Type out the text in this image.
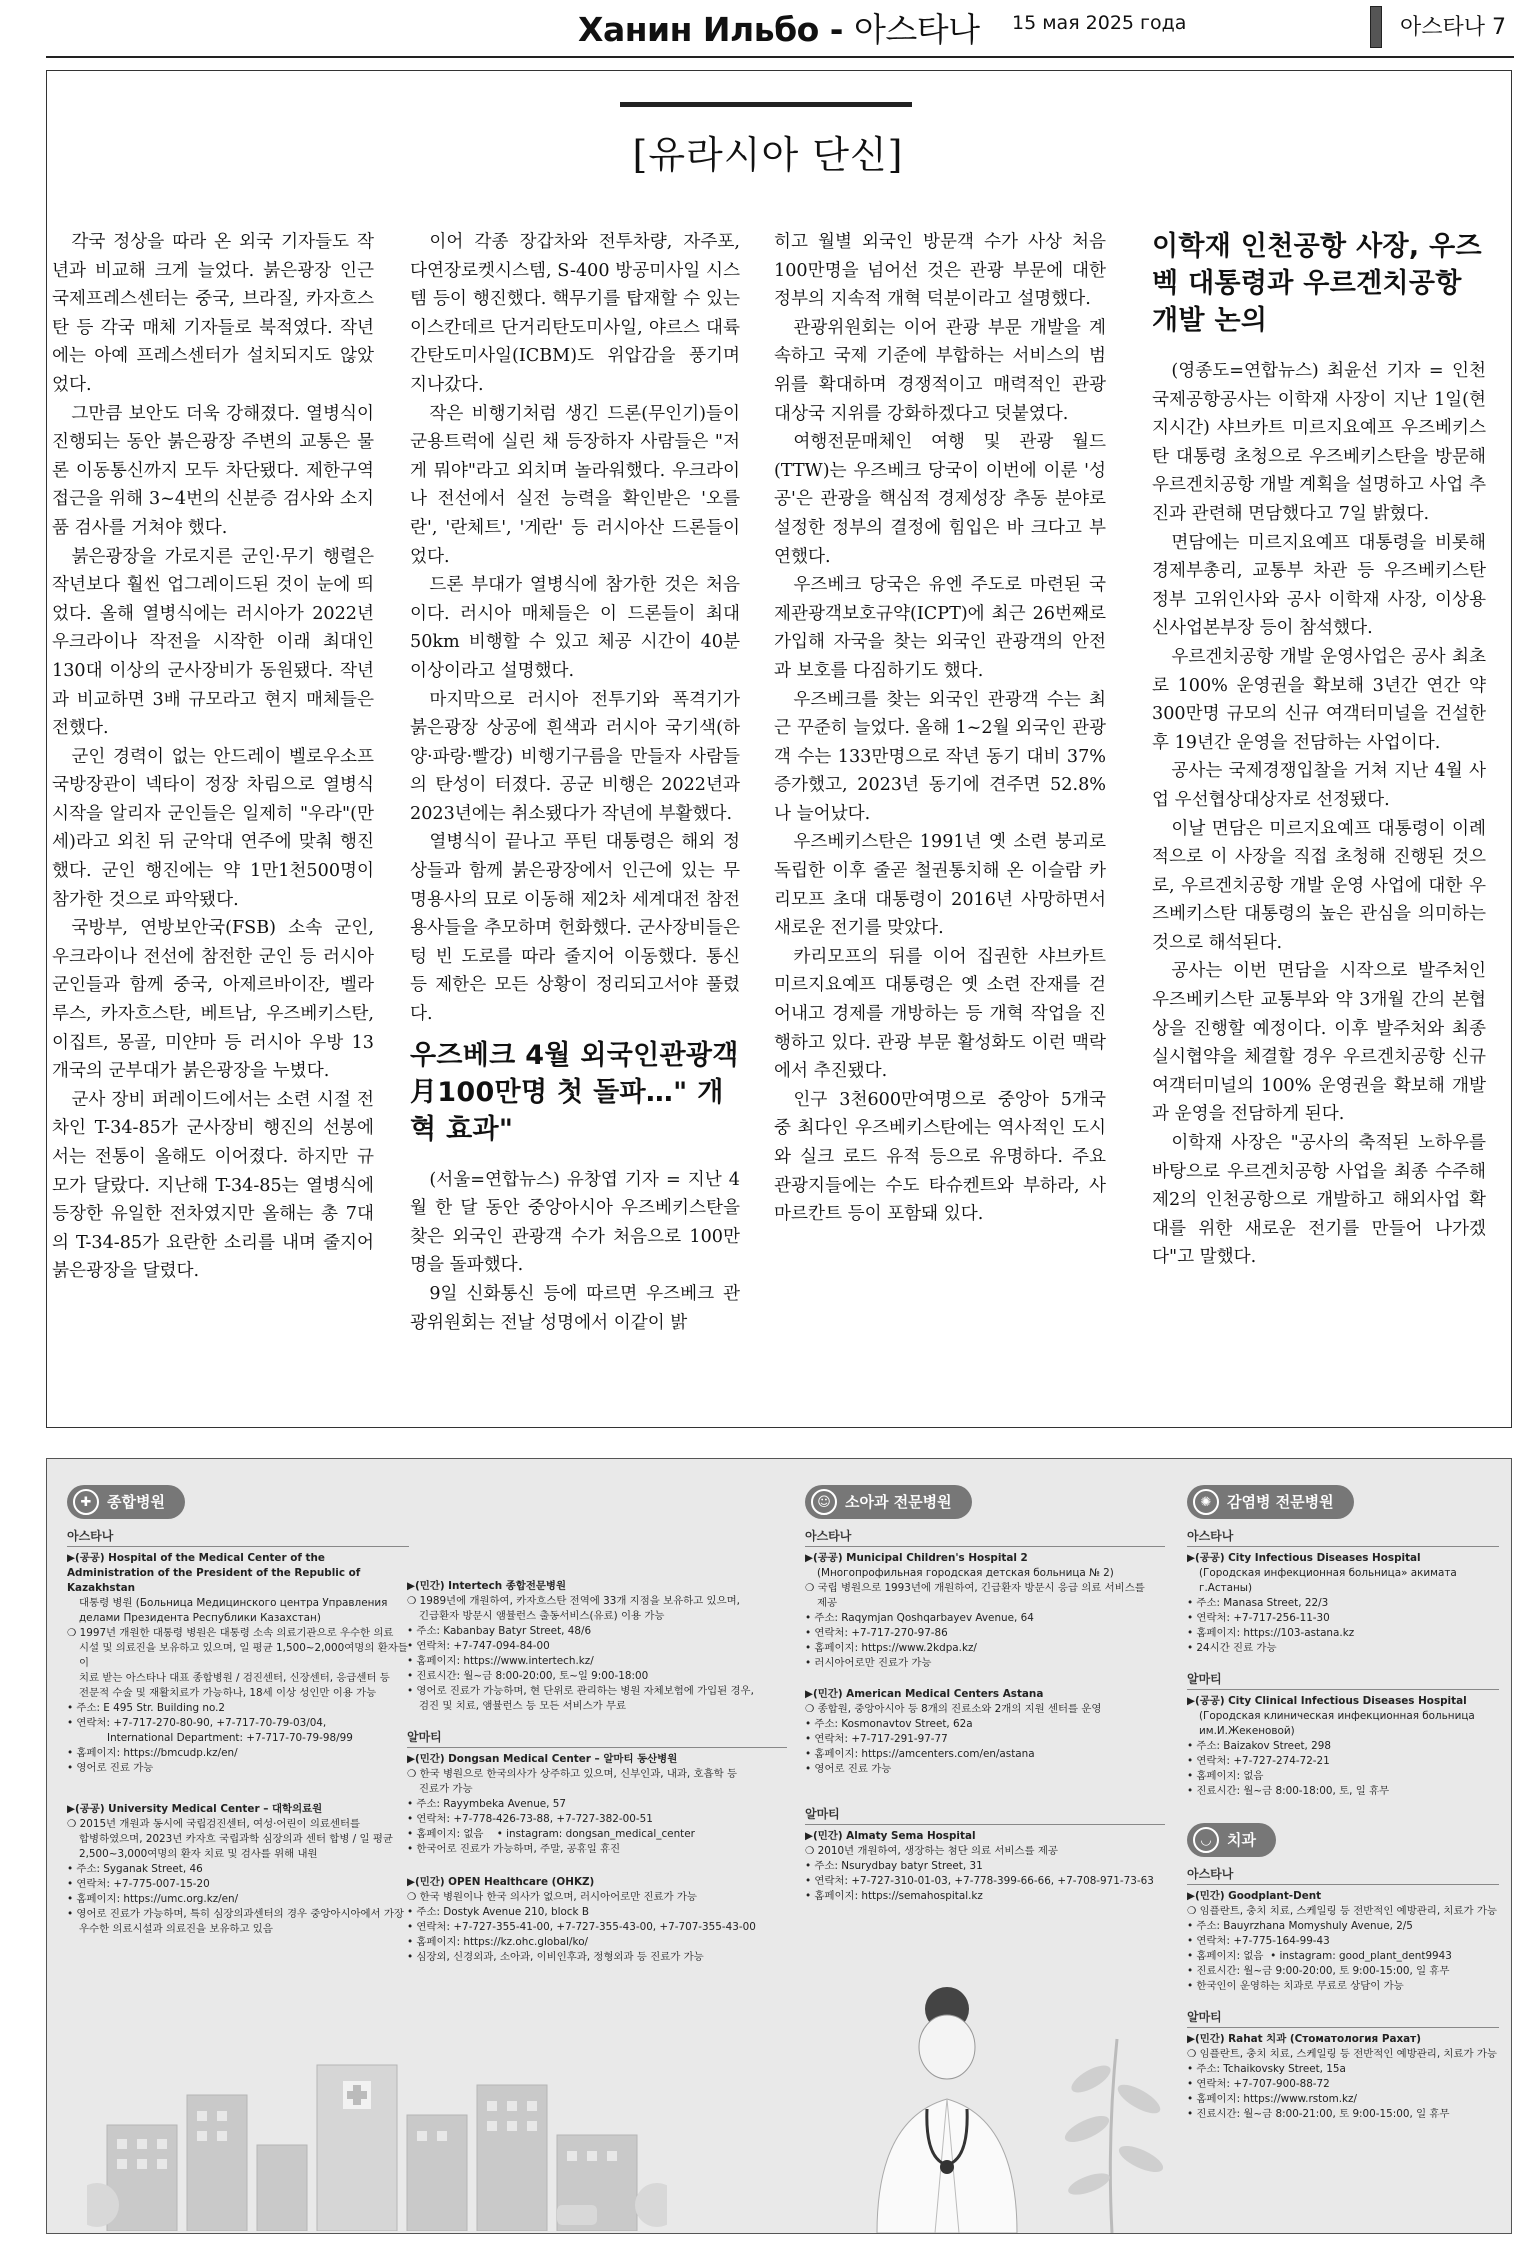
Ханин Ильбо - 아스타나 15 мая 2025 года	아스타나 7
[유라시아 단신]

각국 정상을 따라 온 외국 기자들도 작년과 비교해 크게 늘었다. 붉은광장 인근 국제프레스센터는 중국, 브라질, 카자흐스탄 등 각국 매체 기자들로 북적였다. 작년에는 아예 프레스센터가 설치되지도 않았었다.

그만큼 보안도 더욱 강해졌다. 열병식이 진행되는 동안 붉은광장 주변의 교통은 물론 이동통신까지 모두 차단됐다. 제한구역 접근을 위해 3~4번의 신분증 검사와 소지품 검사를 거쳐야 했다.

붉은광장을 가로지른 군인·무기 행렬은 작년보다 훨씬 업그레이드된 것이 눈에 띄었다. 올해 열병식에는 러시아가 2022년 우크라이나 작전을 시작한 이래 최대인 130대 이상의 군사장비가 동원됐다. 작년과 비교하면 3배 규모라고 현지 매체들은 전했다.

군인 경력이 없는 안드레이 벨로우소프 국방장관이 넥타이 정장 차림으로 열병식 시작을 알리자 군인들은 일제히 "우라"(만세)라고 외친 뒤 군악대 연주에 맞춰 행진했다. 군인 행진에는 약 1만1천500명이 참가한 것으로 파악됐다.

국방부, 연방보안국(FSB) 소속 군인, 우크라이나 전선에 참전한 군인 등 러시아 군인들과 함께 중국, 아제르바이잔, 벨라루스, 카자흐스탄, 베트남, 우즈베키스탄, 이집트, 몽골, 미얀마 등 러시아 우방 13개국의 군부대가 붉은광장을 누볐다.

군사 장비 퍼레이드에서는 소련 시절 전차인 T-34-85가 군사장비 행진의 선봉에 서는 전통이 올해도 이어졌다. 하지만 규모가 달랐다. 지난해 T-34-85는 열병식에 등장한 유일한 전차였지만 올해는 총 7대의 T-34-85가 요란한 소리를 내며 줄지어 붉은광장을 달렸다.

이어 각종 장갑차와 전투차량, 자주포, 다연장로켓시스템, S-400 방공미사일 시스템 등이 행진했다. 핵무기를 탑재할 수 있는 이스칸데르 단거리탄도미사일, 야르스 대륙간탄도미사일(ICBM)도 위압감을 풍기며 지나갔다.

작은 비행기처럼 생긴 드론(무인기)들이 군용트럭에 실린 채 등장하자 사람들은 "저게 뭐야"라고 외치며 놀라워했다. 우크라이나 전선에서 실전 능력을 확인받은 '오를란', '란체트', '게란' 등 러시아산 드론들이었다.

드론 부대가 열병식에 참가한 것은 처음이다. 러시아 매체들은 이 드론들이 최대 50km 비행할 수 있고 체공 시간이 40분 이상이라고 설명했다.

마지막으로 러시아 전투기와 폭격기가 붉은광장 상공에 흰색과 러시아 국기색(하양·파랑·빨강) 비행기구름을 만들자 사람들의 탄성이 터졌다. 공군 비행은 2022년과 2023년에는 취소됐다가 작년에 부활했다.

열병식이 끝나고 푸틴 대통령은 해외 정상들과 함께 붉은광장에서 인근에 있는 무명용사의 묘로 이동해 제2차 세계대전 참전 용사들을 추모하며 헌화했다. 군사장비들은 텅 빈 도로를 따라 줄지어 이동했다. 통신 등 제한은 모든 상황이 정리되고서야 풀렸다.

우즈베크 4월 외국인관광객 月100만명 첫 돌파…" 개혁 효과"

(서울=연합뉴스) 유창엽 기자 = 지난 4월 한 달 동안 중앙아시아 우즈베키스탄을 찾은 외국인 관광객 수가 처음으로 100만명을 돌파했다.

9일 신화통신 등에 따르면 우즈베크 관광위원회는 전날 성명에서 이같이 밝

히고 월별 외국인 방문객 수가 사상 처음 100만명을 넘어선 것은 관광 부문에 대한 정부의 지속적 개혁 덕분이라고 설명했다.

관광위원회는 이어 관광 부문 개발을 계속하고 국제 기준에 부합하는 서비스의 범위를 확대하며 경쟁적이고 매력적인 관광 대상국 지위를 강화하겠다고 덧붙였다.

여행전문매체인 여행 및 관광 월드(TTW)는 우즈베크 당국이 이번에 이룬 '성공'은 관광을 핵심적 경제성장 추동 분야로 설정한 정부의 결정에 힘입은 바 크다고 부연했다.

우즈베크 당국은 유엔 주도로 마련된 국제관광객보호규약(ICPT)에 최근 26번째로 가입해 자국을 찾는 외국인 관광객의 안전과 보호를 다짐하기도 했다.

우즈베크를 찾는 외국인 관광객 수는 최근 꾸준히 늘었다. 올해 1~2월 외국인 관광객 수는 133만명으로 작년 동기 대비 37% 증가했고, 2023년 동기에 견주면 52.8%나 늘어났다.

우즈베키스탄은 1991년 옛 소련 붕괴로 독립한 이후 줄곧 철권통치해 온 이슬람 카리모프 초대 대통령이 2016년 사망하면서 새로운 전기를 맞았다.

카리모프의 뒤를 이어 집권한 샤브카트 미르지요예프 대통령은 옛 소련 잔재를 걷어내고 경제를 개방하는 등 개혁 작업을 진행하고 있다. 관광 부문 활성화도 이런 맥락에서 추진됐다.

인구 3천600만여명으로 중앙아 5개국 중 최다인 우즈베키스탄에는 역사적인 도시와 실크 로드 유적 등으로 유명하다. 주요 관광지들에는 수도 타슈켄트와 부하라, 사마르칸트 등이 포함돼 있다.

이학재 인천공항 사장, 우즈벡 대통령과 우르겐치공항 개발 논의

(영종도=연합뉴스) 최윤선 기자 = 인천국제공항공사는 이학재 사장이 지난 1일(현지시간) 샤브카트 미르지요예프 우즈베키스탄 대통령 초청으로 우즈베키스탄을 방문해 우르겐치공항 개발 계획을 설명하고 사업 추진과 관련해 면담했다고 7일 밝혔다.

면담에는 미르지요예프 대통령을 비롯해 경제부총리, 교통부 차관 등 우즈베키스탄 정부 고위인사와 공사 이학재 사장, 이상용 신사업본부장 등이 참석했다.

우르겐치공항 개발 운영사업은 공사 최초로 100% 운영권을 확보해 3년간 연간 약 300만명 규모의 신규 여객터미널을 건설한 후 19년간 운영을 전담하는 사업이다.

공사는 국제경쟁입찰을 거쳐 지난 4월 사업 우선협상대상자로 선정됐다.

이날 면담은 미르지요예프 대통령이 이례적으로 이 사장을 직접 초청해 진행된 것으로, 우르겐치공항 개발 운영 사업에 대한 우즈베키스탄 대통령의 높은 관심을 의미하는 것으로 해석된다.

공사는 이번 면담을 시작으로 발주처인 우즈베키스탄 교통부와 약 3개월 간의 본협상을 진행할 예정이다. 이후 발주처와 최종 실시협약을 체결할 경우 우르겐치공항 신규 여객터미널의 100% 운영권을 확보해 개발과 운영을 전담하게 된다.

이학재 사장은 "공사의 축적된 노하우를 바탕으로 우르겐치공항 사업을 최종 수주해 제2의 인천공항으로 개발하고 해외사업 확대를 위한 새로운 전기를 만들어 나가겠다"고 말했다.

✚	종합병원
아스타나
▶(공공) Hospital of the Medical Center of the Administration of the President of the Republic of Kazakhstan
대통령 병원 (Больница Медицинского центра Управления
делами Президента Республики Казахстан)
❍ 1997년 개원한 대통령 병원은 대통령 소속 의료기관으로 우수한 의료
시설 및 의료진을 보유하고 있으며, 일 평균 1,500~2,000여명의 환자들이
치료 받는 아스타나 대표 종합병원 / 검진센터, 신장센터, 응급센터 등
전문적 수술 및 재활치료가 가능하나, 18세 이상 성인만 이용 가능
• 주소: E 495 Str. Building no.2
• 연락처: +7-717-270-80-90, +7-717-70-79-03/04,
International Department: +7-717-70-79-98/99
• 홈페이지: https://bmcudp.kz/en/
• 영어로 진료 가능
▶(공공) University Medical Center – 대학의료원
❍ 2015년 개원과 동시에 국립검진센터, 여성·어린이 의료센터를
합병하였으며, 2023년 카자흐 국립과학 심장의과 센터 합병 / 일 평균
2,500~3,000여명의 환자 치료 및 검사를 위해 내원
• 주소: Syganak Street, 46
• 연락처: +7-775-007-15-20
• 홈페이지: https://umc.org.kz/en/
• 영어로 진료가 가능하며, 특히 심장의과센터의 경우 중앙아시아에서 가장
우수한 의료시설과 의료진을 보유하고 있음
▶(민간) Intertech 종합전문병원
❍ 1989년에 개원하여, 카자흐스탄 전역에 33개 지점을 보유하고 있으며,
긴급환자 방문시 앰뷸런스 출동서비스(유료) 이용 가능
• 주소: Kabanbay Batyr Street, 48/6
• 연락처: +7-747-094-84-00
• 홈페이지: https://www.intertech.kz/
• 진료시간: 월~금 8:00-20:00, 토~일 9:00-18:00
• 영어로 진료가 가능하며, 현 단위로 관리하는 병원 자체보험에 가입된 경우,
검진 및 치료, 앰뷸런스 등 모든 서비스가 무료
알마티
▶(민간) Dongsan Medical Center – 알마티 동산병원
❍ 한국 병원으로 한국의사가 상주하고 있으며, 신부인과, 내과, 호흡학 등
진료가 가능
• 주소: Rayymbeka Avenue, 57
• 연락처: +7-778-426-73-88, +7-727-382-00-51
• 홈페이지: 없음 • instagram: dongsan_medical_center
• 한국어로 진료가 가능하며, 주말, 공휴일 휴진
▶(민간) OPEN Healthcare (OHKZ)
❍ 한국 병원이나 한국 의사가 없으며, 러시아어로만 진료가 가능
• 주소: Dostyk Avenue 210, block B
• 연락처: +7-727-355-41-00, +7-727-355-43-00, +7-707-355-43-00
• 홈페이지: https://kz.ohc.global/ko/
• 심장외, 신경외과, 소아과, 이비인후과, 정형외과 등 진료가 가능
☺ 소아과 전문병원
아스타나
▶(공공) Municipal Children's Hospital 2
(Многопрофильная городская детская больница № 2)
❍ 국립 병원으로 1993년에 개원하여, 긴급환자 방문시 응급 의료 서비스를
제공
• 주소: Raqymjan Qoshqarbayev Avenue, 64
• 연락처: +7-717-270-97-86
• 홈페이지: https://www.2kdpa.kz/
• 러시아어로만 진료가 가능
▶(민간) American Medical Centers Astana
❍ 종합원, 중앙아시아 등 8개의 진료소와 2개의 지원 센터를 운영
• 주소: Kosmonavtov Street, 62a
• 연락처: +7-717-291-97-77
• 홈페이지: https://amcenters.com/en/astana
• 영어로 진료 가능
알마티
▶(민간) Almaty Sema Hospital
❍ 2010년 개원하여, 생장하는 첨단 의료 서비스를 제공
• 주소: Nsurydbay batyr Street, 31
• 연락처: +7-727-310-01-03, +7-778-399-66-66, +7-708-971-73-63
• 홈페이지: https://semahospital.kz
✺	감염병 전문병원
아스타나
▶(공공) City Infectious Diseases Hospital
(Городская инфекционная больница» акимата г.Астаны)
• 주소: Manasa Street, 22/3
• 연락처: +7-717-256-11-30
• 홈페이지: https://103-astana.kz
• 24시간 진료 가능
알마티
▶(공공) City Clinical Infectious Diseases Hospital
(Городская клиническая инфекционная больница им.И.Жекеновой)
• 주소: Baizakov Street, 298
• 연락처: +7-727-274-72-21
• 홈페이지: 없음
• 진료시간: 월~금 8:00-18:00, 토, 일 휴무
◡	치과
아스타나
▶(민간) Goodplant-Dent
❍ 임플란트, 충치 치료, 스케일링 등 전반적인 예방관리, 치료가 가능
• 주소: Bauyrzhana Momyshuly Avenue, 2/5
• 연락처: +7-775-164-99-43
• 홈페이지: 없음 • instagram: good_plant_dent9943
• 진료시간: 월~금 9:00-20:00, 토 9:00-15:00, 일 휴무
• 한국인이 운영하는 치과로 무료로 상담이 가능
알마티
▶(민간) Rahat 치과 (Стоматология Рахат)
❍ 임플란트, 충치 치료, 스케일링 등 전반적인 예방관리, 치료가 가능
• 주소: Tchaikovsky Street, 15a
• 연락처: +7-707-900-88-72
• 홈페이지: https://www.rstom.kz/
• 진료시간: 월~금 8:00-21:00, 토 9:00-15:00, 일 휴무
